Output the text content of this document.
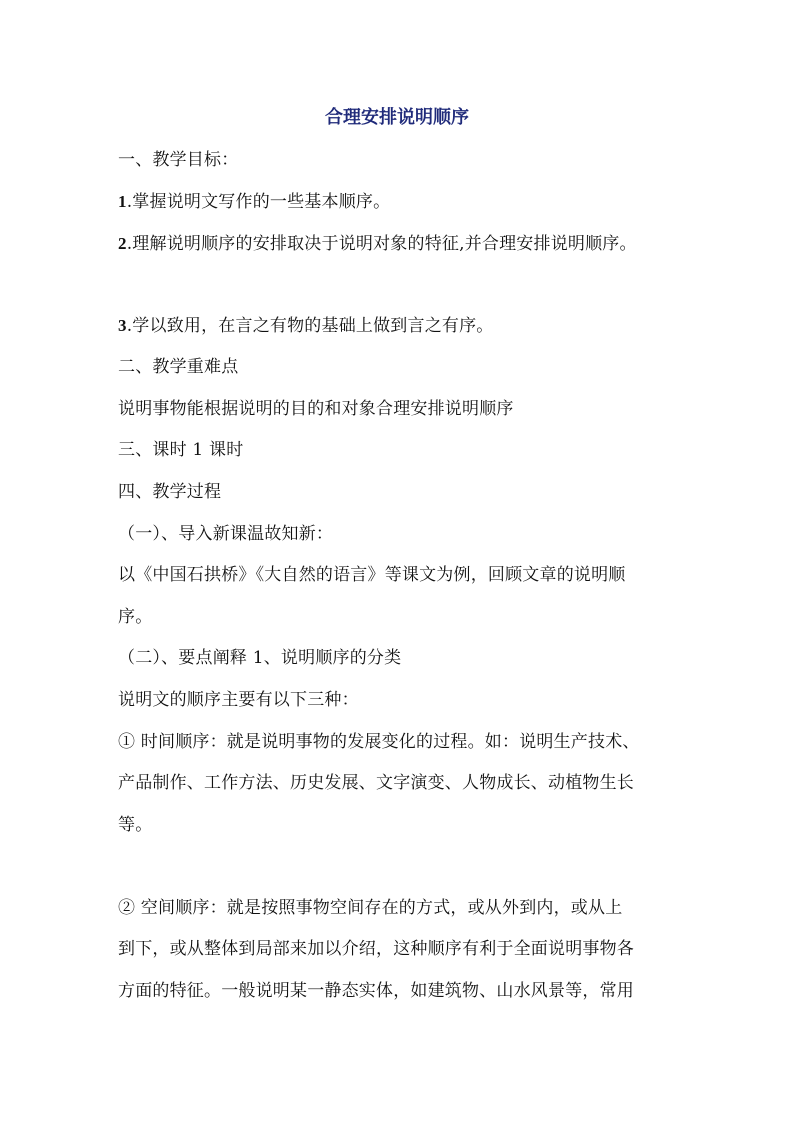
合理安排说明顺序
一、教学目标：
1.掌握说明文写作的一些基本顺序。
2.理解说明顺序的安排取决于说明对象的特征,并合理安排说明顺序。
3.学以致用，在言之有物的基础上做到言之有序。
二、教学重难点
说明事物能根据说明的目的和对象合理安排说明顺序
三、课时 1 课时
四、教学过程
（一）、导入新课温故知新：
以《中国石拱桥》《大自然的语言》等课文为例，回顾文章的说明顺
序。
（二）、要点阐释 1、说明顺序的分类
说明文的顺序主要有以下三种：
① 时间顺序：就是说明事物的发展变化的过程。如：说明生产技术、
产品制作、工作方法、历史发展、文字演变、人物成长、动植物生长
等。
② 空间顺序：就是按照事物空间存在的方式，或从外到内，或从上
到下，或从整体到局部来加以介绍，这种顺序有利于全面说明事物各
方面的特征。一般说明某一静态实体，如建筑物、山水风景等，常用
